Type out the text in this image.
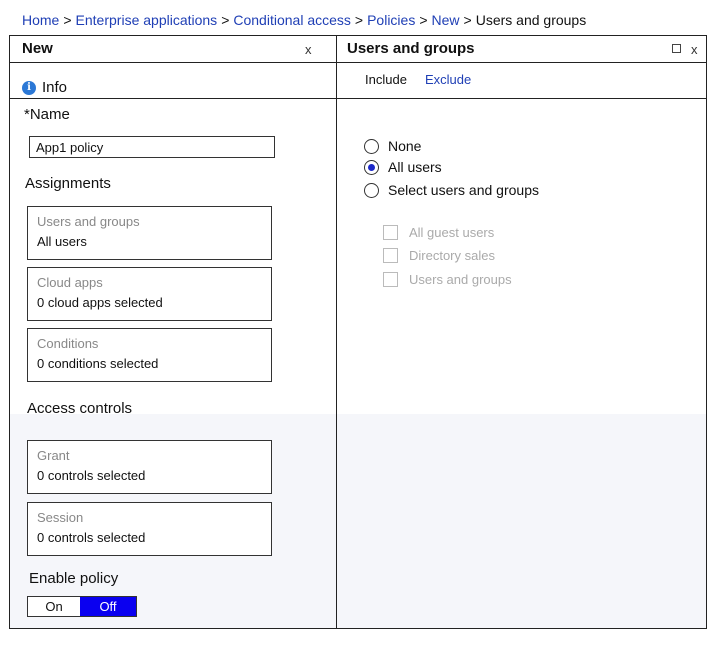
Home > Enterprise applications > Conditional access > Policies > New > Users and groups
New	x
i Info
*Name
App1 policy
Assignments
Users and groups
All users
Cloud apps
0 cloud apps selected
Conditions
0 conditions selected
Access controls
Grant
0 controls selected
Session
0 controls selected
Enable policy
On	Off
Users and groups	x
Include Exclude
None
All users
Select users and groups
All guest users
Directory sales
Users and groups
